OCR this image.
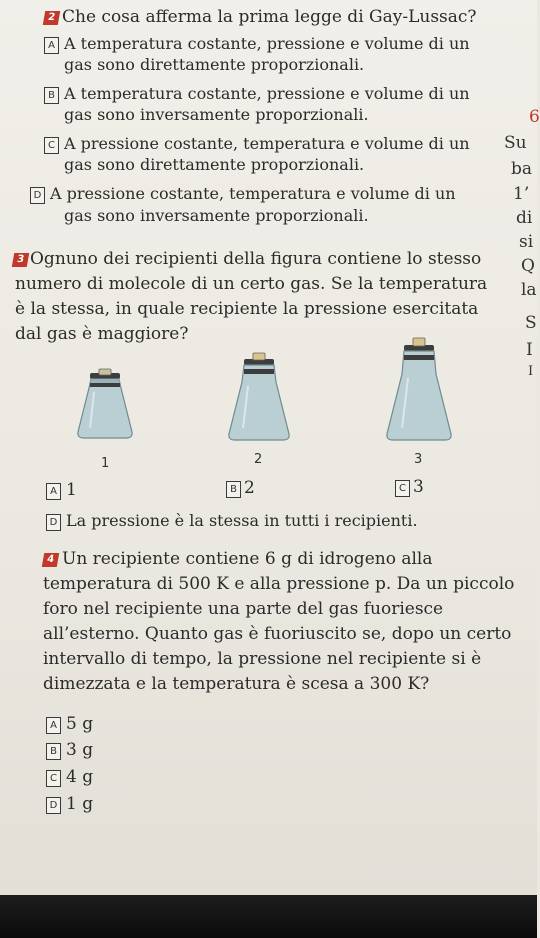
2 Che cosa afferma la prima legge di Gay-Lussac?
A A temperatura costante, pressione e volume di un
gas sono direttamente proporzionali.
B A temperatura costante, pressione e volume di un
gas sono inversamente proporzionali.
C A pressione costante, temperatura e volume di un
gas sono direttamente proporzionali.
D A pressione costante, temperatura e volume di un
gas sono inversamente proporzionali.
6
Su
ba
1’
di
si
Q
la
S
I
I
3 Ognuno dei recipienti della figura contiene lo stesso
numero di molecole di un certo gas. Se la temperatura
è la stessa, in quale recipiente la pressione esercitata
dal gas è maggiore?
1	2	3
A 1	B 2	C 3
D La pressione è la stessa in tutti i recipienti.
4 Un recipiente contiene 6 g di idrogeno alla
temperatura di 500 K e alla pressione p. Da un piccolo
foro nel recipiente una parte del gas fuoriesce
all’esterno. Quanto gas è fuoriuscito se, dopo un certo
intervallo di tempo, la pressione nel recipiente si è
dimezzata e la temperatura è scesa a 300 K?
A 5 g
B 3 g
C 4 g
D 1 g
